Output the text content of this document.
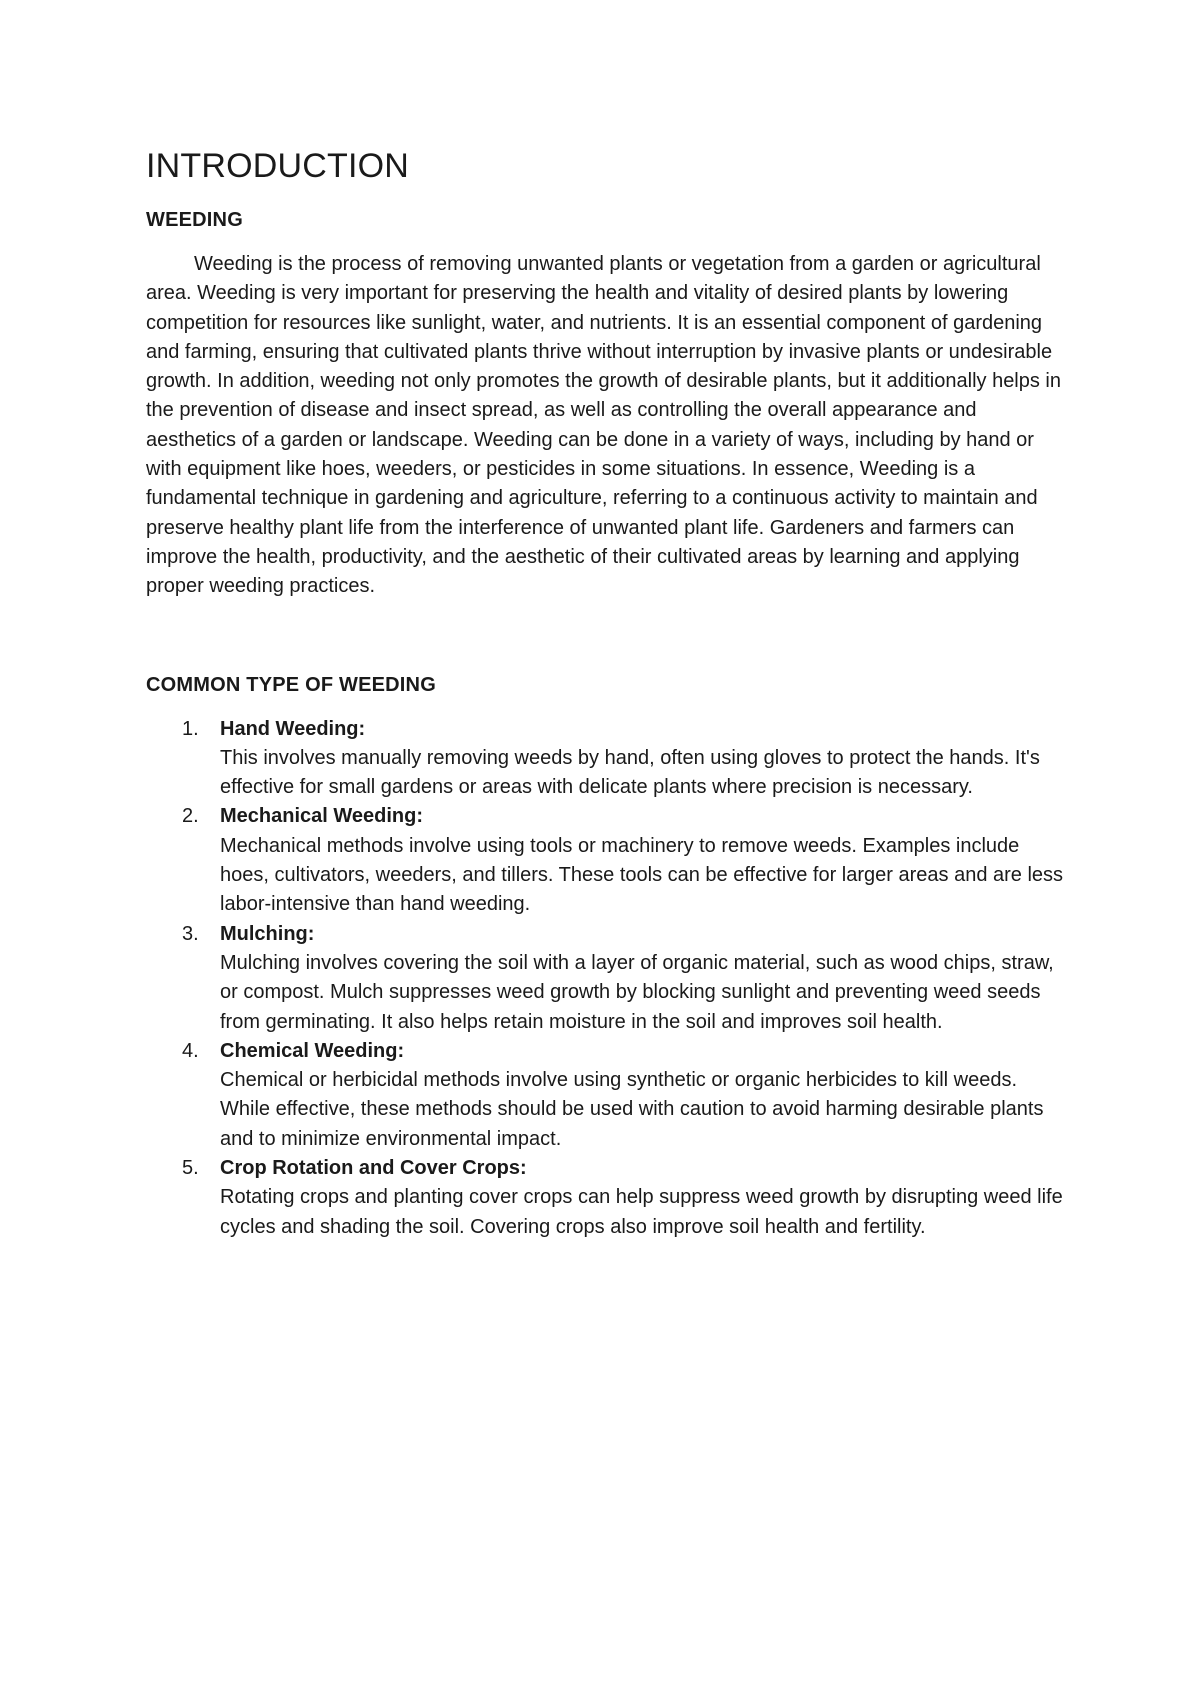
INTRODUCTION
WEEDING

Weeding is the process of removing unwanted plants or vegetation from a garden or agricultural area. Weeding is very important for preserving the health and vitality of desired plants by lowering competition for resources like sunlight, water, and nutrients. It is an essential component of gardening and farming, ensuring that cultivated plants thrive without interruption by invasive plants or undesirable growth. In addition, weeding not only promotes the growth of desirable plants, but it additionally helps in the prevention of disease and insect spread, as well as controlling the overall appearance and aesthetics of a garden or landscape. Weeding can be done in a variety of ways, including by hand or with equipment like hoes, weeders, or pesticides in some situations. In essence, Weeding is a fundamental technique in gardening and agriculture, referring to a continuous activity to maintain and preserve healthy plant life from the interference of unwanted plant life. Gardeners and farmers can improve the health, productivity, and the aesthetic of their cultivated areas by learning and applying proper weeding practices.

COMMON TYPE OF WEEDING
1.	Hand Weeding:
This involves manually removing weeds by hand, often using gloves to protect the hands. It's effective for small gardens or areas with delicate plants where precision is necessary.
2.	Mechanical Weeding:
Mechanical methods involve using tools or machinery to remove weeds. Examples include hoes, cultivators, weeders, and tillers. These tools can be effective for larger areas and are less labor-intensive than hand weeding.
3.	Mulching:
Mulching involves covering the soil with a layer of organic material, such as wood chips, straw, or compost. Mulch suppresses weed growth by blocking sunlight and preventing weed seeds from germinating. It also helps retain moisture in the soil and improves soil health.
4.	Chemical Weeding:
Chemical or herbicidal methods involve using synthetic or organic herbicides to kill weeds. While effective, these methods should be used with caution to avoid harming desirable plants and to minimize environmental impact.
5.	Crop Rotation and Cover Crops:
Rotating crops and planting cover crops can help suppress weed growth by disrupting weed life cycles and shading the soil. Covering crops also improve soil health and fertility.
